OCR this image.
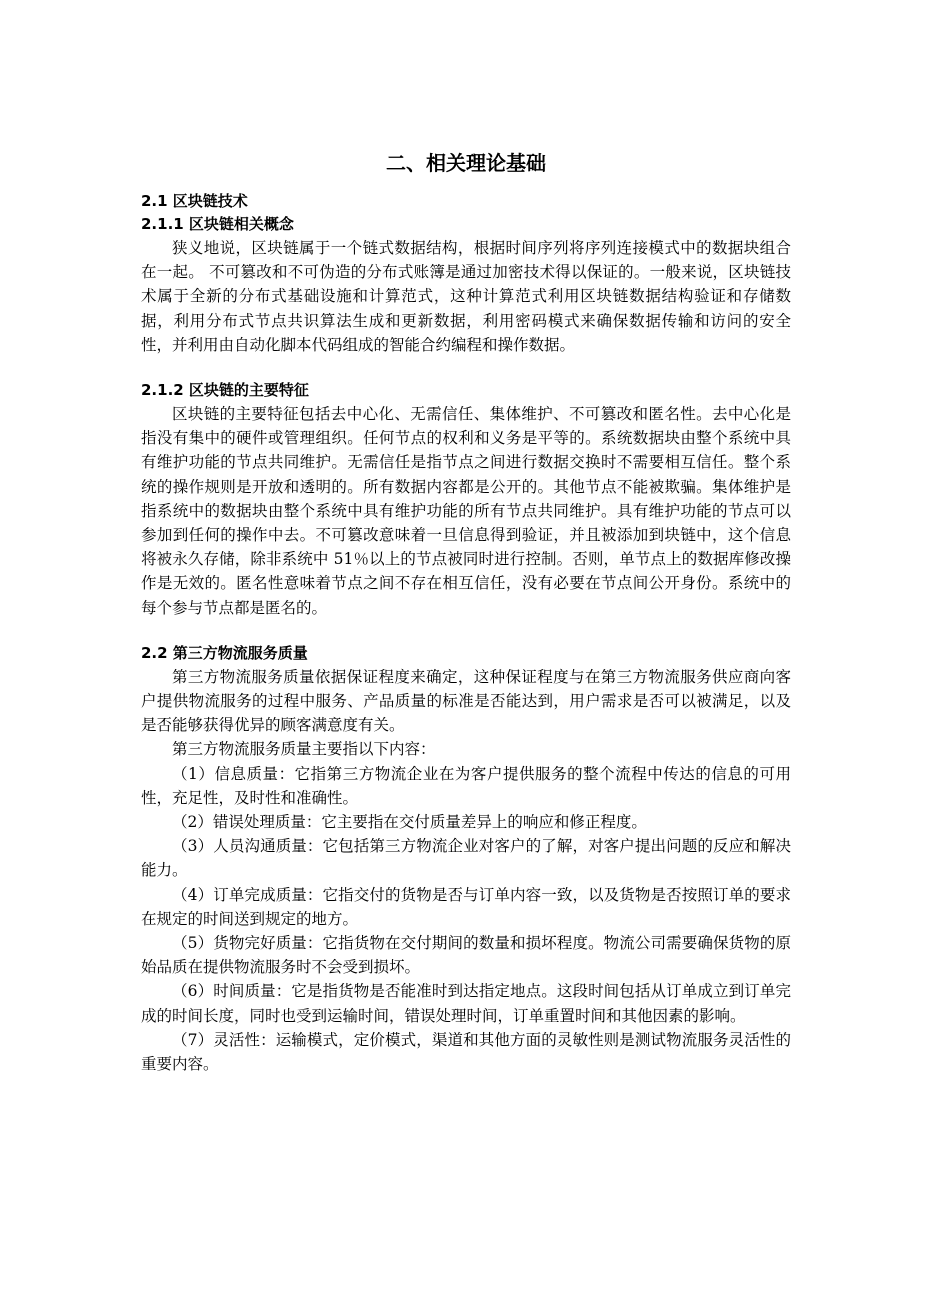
二、相关理论基础
2.1 区块链技术
2.1.1 区块链相关概念

狭义地说，区块链属于一个链式数据结构，根据时间序列将序列连接模式中的数据块组合在一起。 不可篡改和不可伪造的分布式账簿是通过加密技术得以保证的。一般来说，区块链技术属于全新的分布式基础设施和计算范式，这种计算范式利用区块链数据结构验证和存储数据，利用分布式节点共识算法生成和更新数据，利用密码模式来确保数据传输和访问的安全性，并利用由自动化脚本代码组成的智能合约编程和操作数据。

2.1.2 区块链的主要特征

区块链的主要特征包括去中心化、无需信任、集体维护、不可篡改和匿名性。去中心化是指没有集中的硬件或管理组织。任何节点的权利和义务是平等的。系统数据块由整个系统中具有维护功能的节点共同维护。无需信任是指节点之间进行数据交换时不需要相互信任。整个系统的操作规则是开放和透明的。所有数据内容都是公开的。其他节点不能被欺骗。集体维护是指系统中的数据块由整个系统中具有维护功能的所有节点共同维护。具有维护功能的节点可以参加到任何的操作中去。不可篡改意味着一旦信息得到验证，并且被添加到块链中，这个信息将被永久存储，除非系统中 51％以上的节点被同时进行控制。否则，单节点上的数据库修改操作是无效的。匿名性意味着节点之间不存在相互信任，没有必要在节点间公开身份。系统中的每个参与节点都是匿名的。

2.2 第三方物流服务质量

第三方物流服务质量依据保证程度来确定，这种保证程度与在第三方物流服务供应商向客户提供物流服务的过程中服务、产品质量的标准是否能达到，用户需求是否可以被满足，以及是否能够获得优异的顾客满意度有关。

第三方物流服务质量主要指以下内容：

（1）信息质量：它指第三方物流企业在为客户提供服务的整个流程中传达的信息的可用性，充足性，及时性和准确性。

（2）错误处理质量：它主要指在交付质量差异上的响应和修正程度。

（3）人员沟通质量：它包括第三方物流企业对客户的了解，对客户提出问题的反应和解决能力。

（4）订单完成质量：它指交付的货物是否与订单内容一致，以及货物是否按照订单的要求在规定的时间送到规定的地方。

（5）货物完好质量：它指货物在交付期间的数量和损坏程度。物流公司需要确保货物的原始品质在提供物流服务时不会受到损坏。

（6）时间质量：它是指货物是否能准时到达指定地点。这段时间包括从订单成立到订单完成的时间长度，同时也受到运输时间，错误处理时间，订单重置时间和其他因素的影响。

（7）灵活性：运输模式，定价模式，渠道和其他方面的灵敏性则是测试物流服务灵活性的重要内容。
